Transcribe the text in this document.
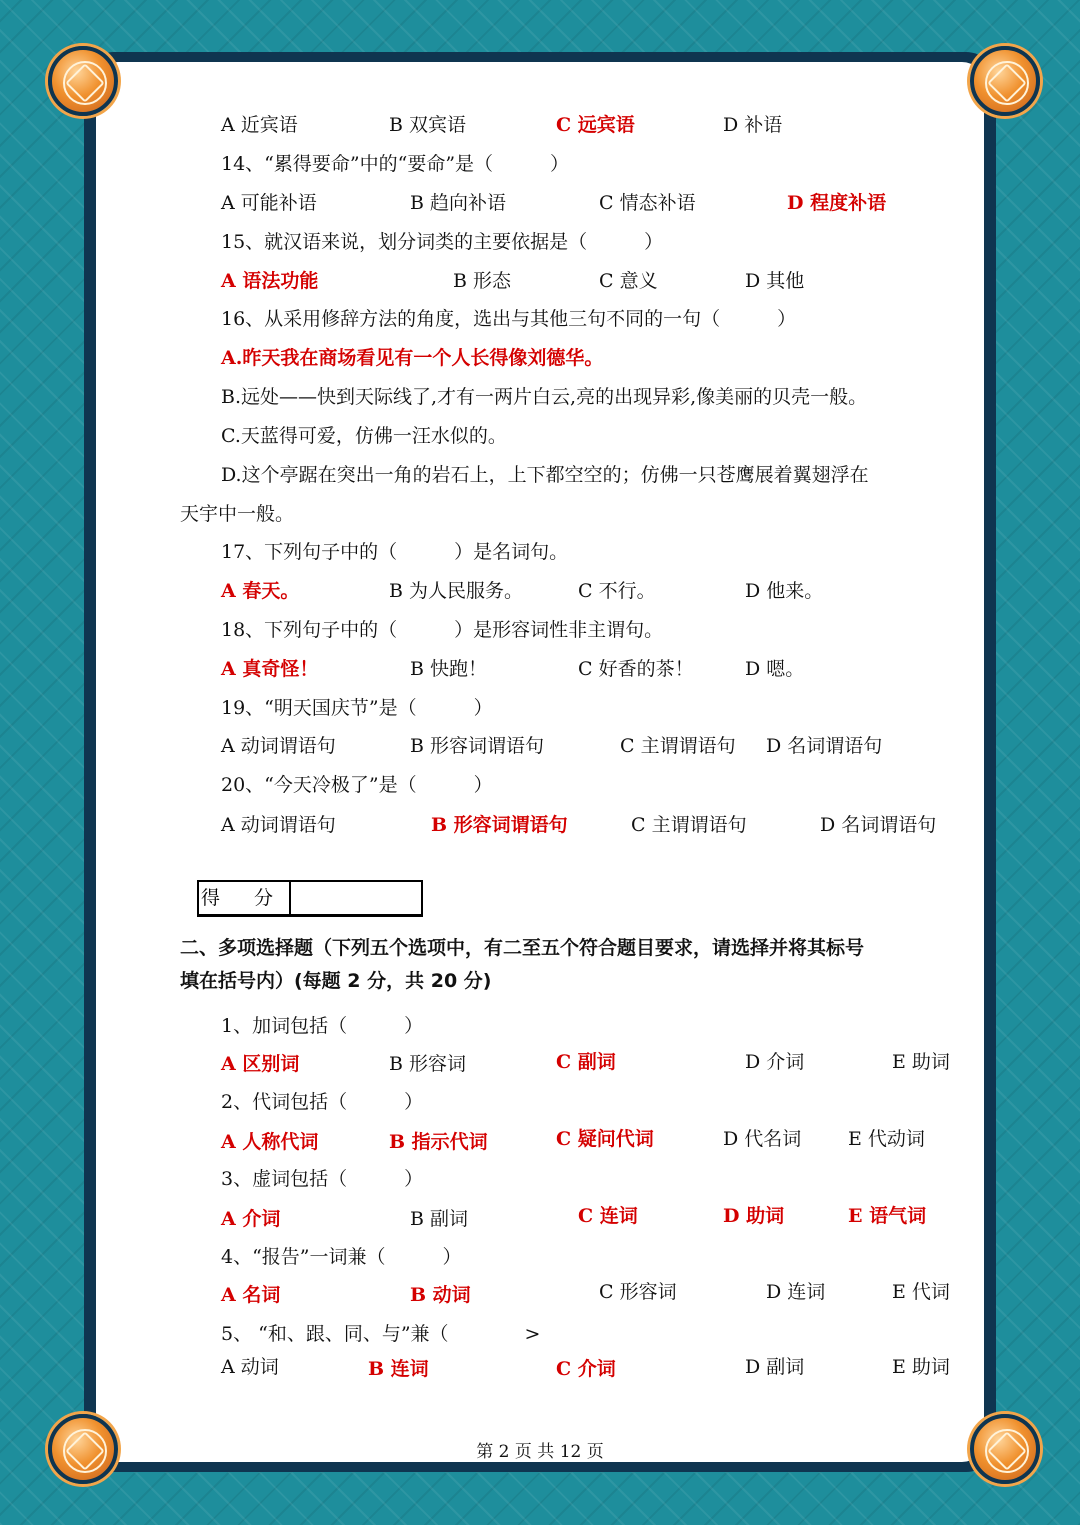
A 近宾语	B 双宾语	C 远宾语	D 补语
14、“累得要命”中的“要命”是（　　　）
A 可能补语	B 趋向补语	C 情态补语	D 程度补语
15、就汉语来说，划分词类的主要依据是（　　　）
A 语法功能	B 形态	C 意义	D 其他
16、从采用修辞方法的角度，选出与其他三句不同的一句（　　　）
A.昨天我在商场看见有一个人长得像刘德华。
B.远处——快到天际线了,才有一两片白云,亮的出现异彩,像美丽的贝壳一般。
C.天蓝得可爱，仿佛一汪水似的。
D.这个亭踞在突出一角的岩石上，上下都空空的；仿佛一只苍鹰展着翼翅浮在
天宇中一般。
17、下列句子中的（　　　）是名词句。
A 春天。	B 为人民服务。	C 不行。	D 他来。
18、下列句子中的（　　　）是形容词性非主谓句。
A 真奇怪！	B 快跑！	C 好香的茶！	D 嗯。
19、“明天国庆节”是（　　　）
A 动词谓语句	B 形容词谓语句	C 主谓谓语句 D 名词谓语句
20、“今天冷极了”是（　　　）
A 动词谓语句	B 形容词谓语句	C 主谓谓语句	D 名词谓语句
得 分
二、多项选择题（下列五个选项中，有二至五个符合题目要求，请选择并将其标号
填在括号内）(每题 2 分，共 20 分)
1、加词包括（　　　）
A 区别词	B 形容词	C 副词	D 介词	E 助词
2、代词包括（　　　）
A 人称代词	B 指示代词	C 疑问代词	D 代名词 E 代动词
3、虚词包括（　　　）
A 介词	B 副词	C 连词	D 助词	E 语气词
4、“报告”一词兼（　　　）
A 名词	B 动词	C 形容词	D 连词	E 代词
5、 “和、跟、同、与”兼（　　　　>
A 动词	B 连词	C 介词	D 副词	E 助词
第 2 页 共 12 页
